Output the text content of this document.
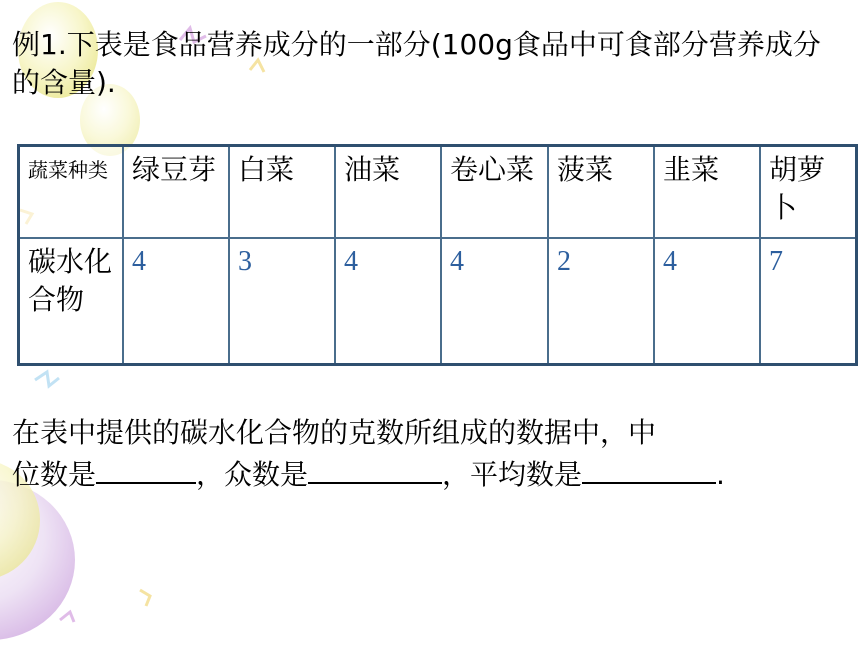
例1.下表是食品营养成分的一部分(100g食品中可食部分营养成分的含量).
蔬菜种类	绿豆芽	白菜	油菜	卷心菜	菠菜	韭菜	胡萝卜
碳水化合物	4	3	4	4	2	4	7
在表中提供的碳水化合物的克数所组成的数据中，中
位数是	，众数是	，平均数是	.
